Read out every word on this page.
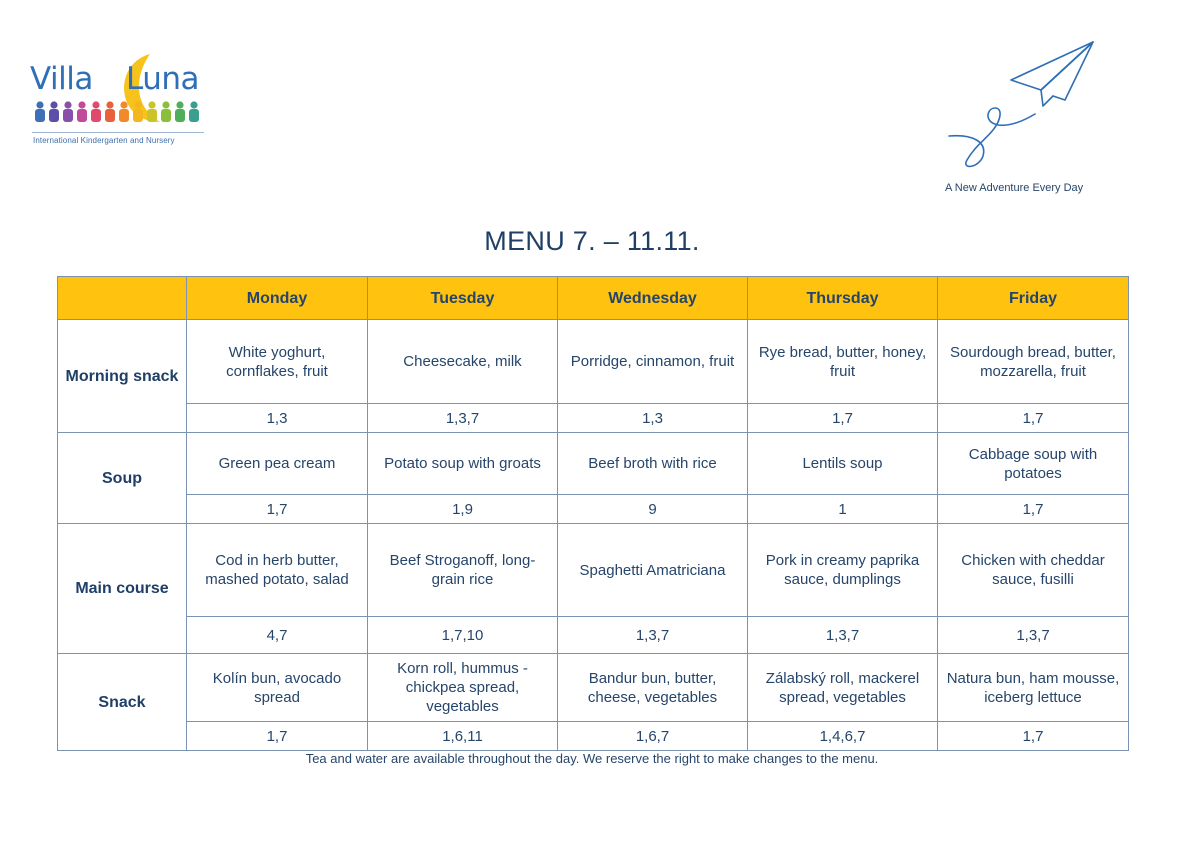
Villa Luna
International Kindergarten and Nursery
A New Adventure Every Day
MENU 7. – 11.11.
	Monday	Tuesday	Wednesday	Thursday	Friday
Morning snack	White yoghurt, cornflakes, fruit	Cheesecake, milk	Porridge, cinnamon, fruit	Rye bread, butter, honey, fruit	Sourdough bread, butter, mozzarella, fruit
	1,3	1,3,7	1,3	1,7	1,7
Soup	Green pea cream	Potato soup with groats	Beef broth with rice	Lentils soup	Cabbage soup with potatoes
	1,7	1,9	9	1	1,7
Main course	Cod in herb butter, mashed potato, salad	Beef Stroganoff, long-grain rice	Spaghetti Amatriciana	Pork in creamy paprika sauce, dumplings	Chicken with cheddar sauce, fusilli
	4,7	1,7,10	1,3,7	1,3,7	1,3,7
Snack	Kolín bun, avocado spread	Korn roll, hummus - chickpea spread, vegetables	Bandur bun, butter, cheese, vegetables	Zálabský roll, mackerel spread, vegetables	Natura bun, ham mousse, iceberg lettuce
	1,7	1,6,11	1,6,7	1,4,6,7	1,7
Tea and water are available throughout the day. We reserve the right to make changes to the menu.
